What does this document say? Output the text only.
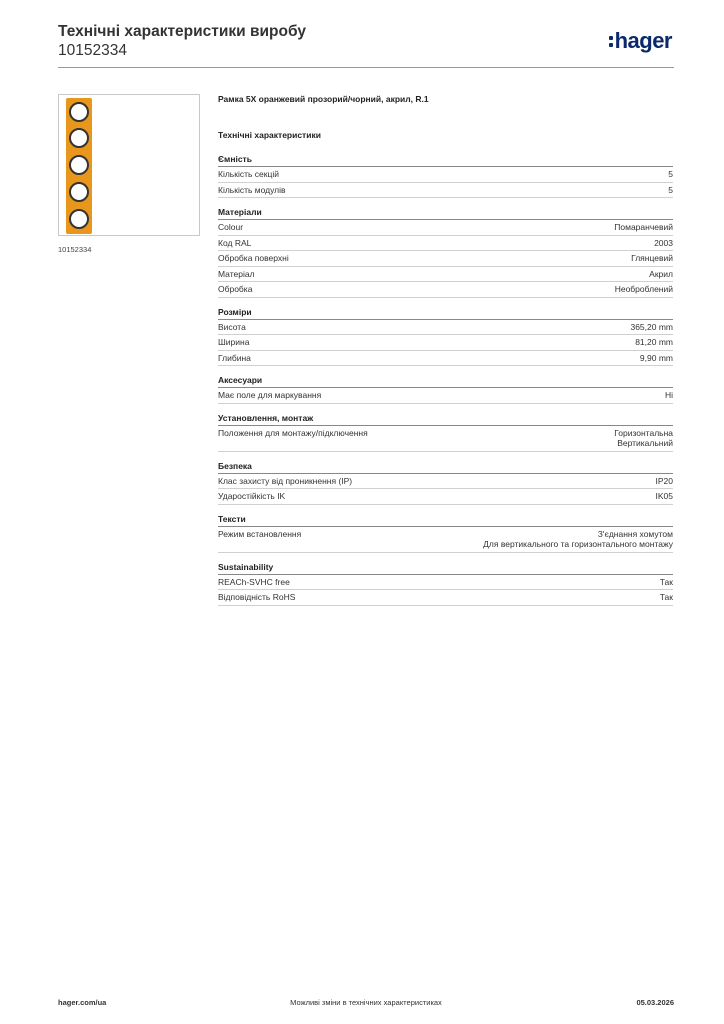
Технічні характеристики виробу
10152334	hager
10152334
Рамка 5Х оранжевий прозорий/чорний, акрил, R.1
Технічні характеристики
Ємність
Кількість секцій	5
Кількість модулів	5
Матеріали
Colour	Помаранчевий
Код RAL	2003
Обробка поверхні	Глянцевий
Матеріал	Акрил
Обробка	Необроблений
Розміри
Висота	365,20 mm
Ширина	81,20 mm
Глибина	9,90 mm
Аксесуари
Має поле для маркування	Ні
Установлення, монтаж
Положення для монтажу/підключення	Горизонтальна
Вертикальний
Безпека
Клас захисту від проникнення (IP)	IP20
Ударостійкість IK	IK05
Тексти
Режим встановлення	З'єднання хомутом
Для вертикального та горизонтального монтажу
Sustainability
REACh-SVHC free	Так
Відповідність RoHS	Так
hager.com/ua	Можливі зміни в технічних характеристиках	05.03.2026
